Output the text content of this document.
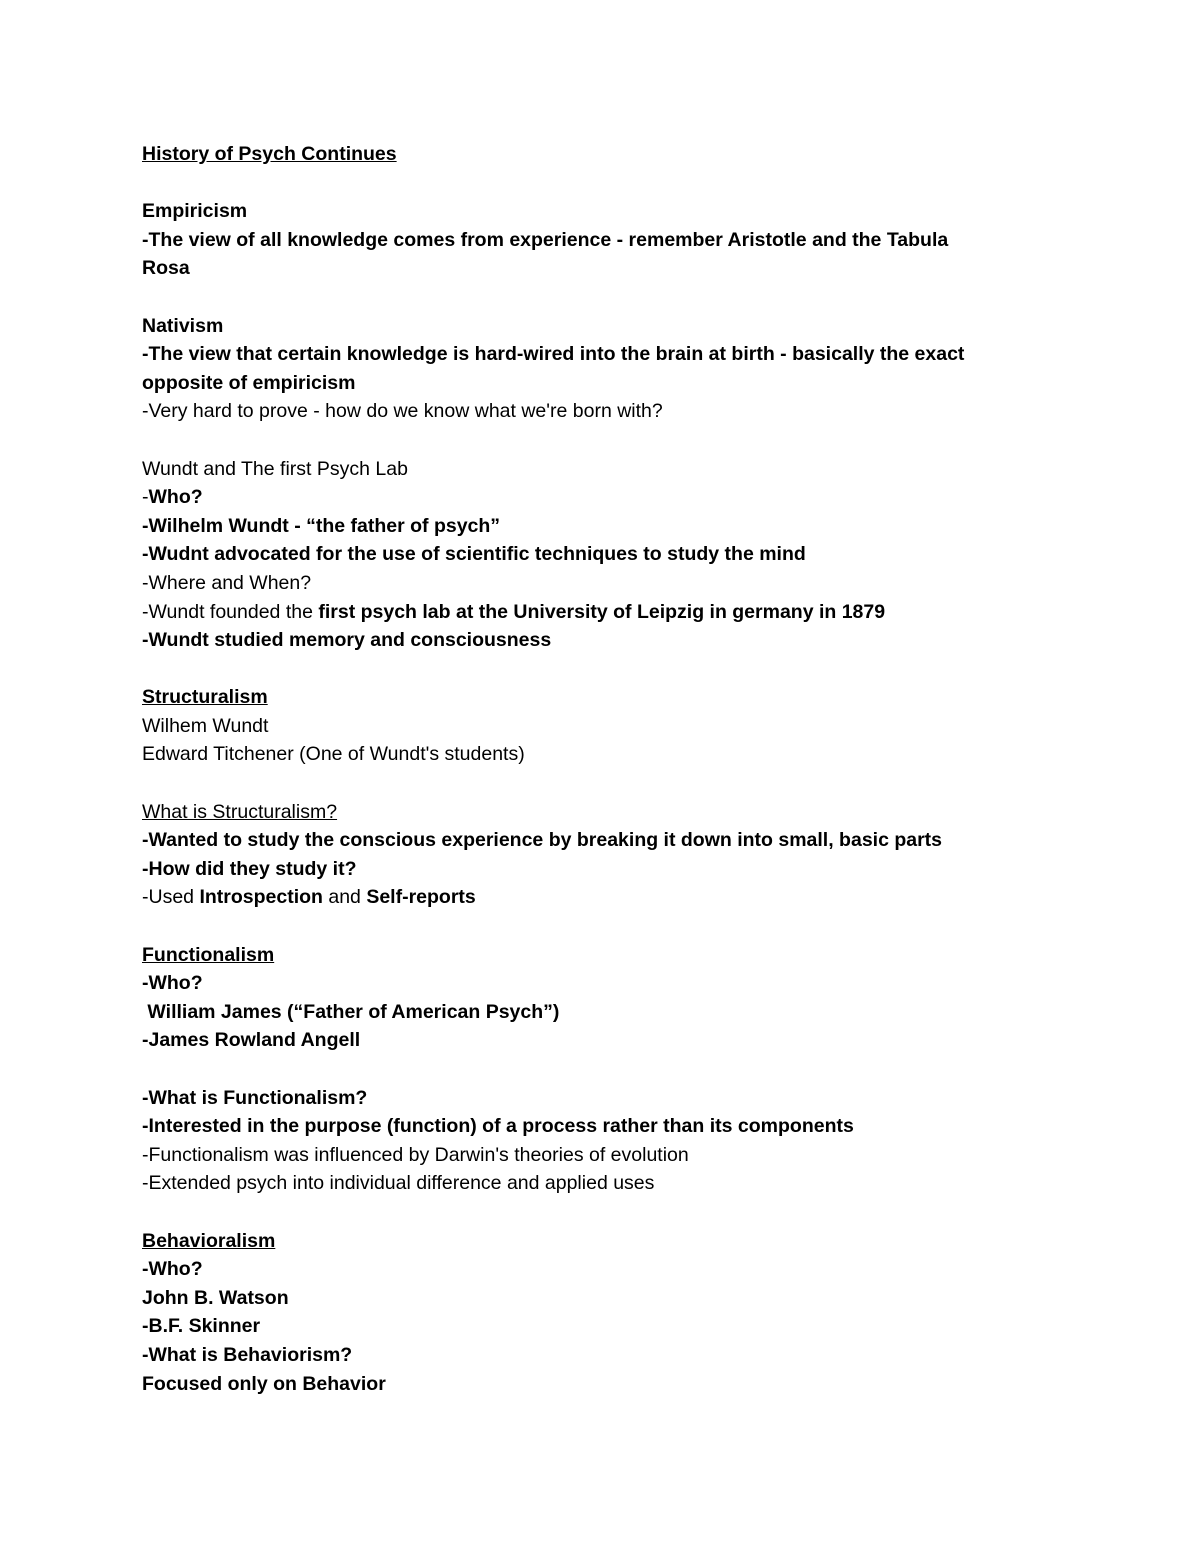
History of Psych Continues
Empiricism
-The view of all knowledge comes from experience - remember Aristotle and the Tabula
Rosa
Nativism
-The view that certain knowledge is hard-wired into the brain at birth - basically the exact
opposite of empiricism
-Very hard to prove - how do we know what we're born with?
Wundt and The first Psych Lab
-Who?
-Wilhelm Wundt - “the father of psych”
-Wudnt advocated for the use of scientific techniques to study the mind
-Where and When?
-Wundt founded the first psych lab at the University of Leipzig in germany in 1879
-Wundt studied memory and consciousness
Structuralism
Wilhem Wundt
Edward Titchener (One of Wundt's students)
What is Structuralism?
-Wanted to study the conscious experience by breaking it down into small, basic parts
-How did they study it?
-Used Introspection and Self-reports
Functionalism
-Who?
William James (“Father of American Psych”)
-James Rowland Angell
-What is Functionalism?
-Interested in the purpose (function) of a process rather than its components
-Functionalism was influenced by Darwin's theories of evolution
-Extended psych into individual difference and applied uses
Behavioralism
-Who?
John B. Watson
-B.F. Skinner
-What is Behaviorism?
Focused only on Behavior
